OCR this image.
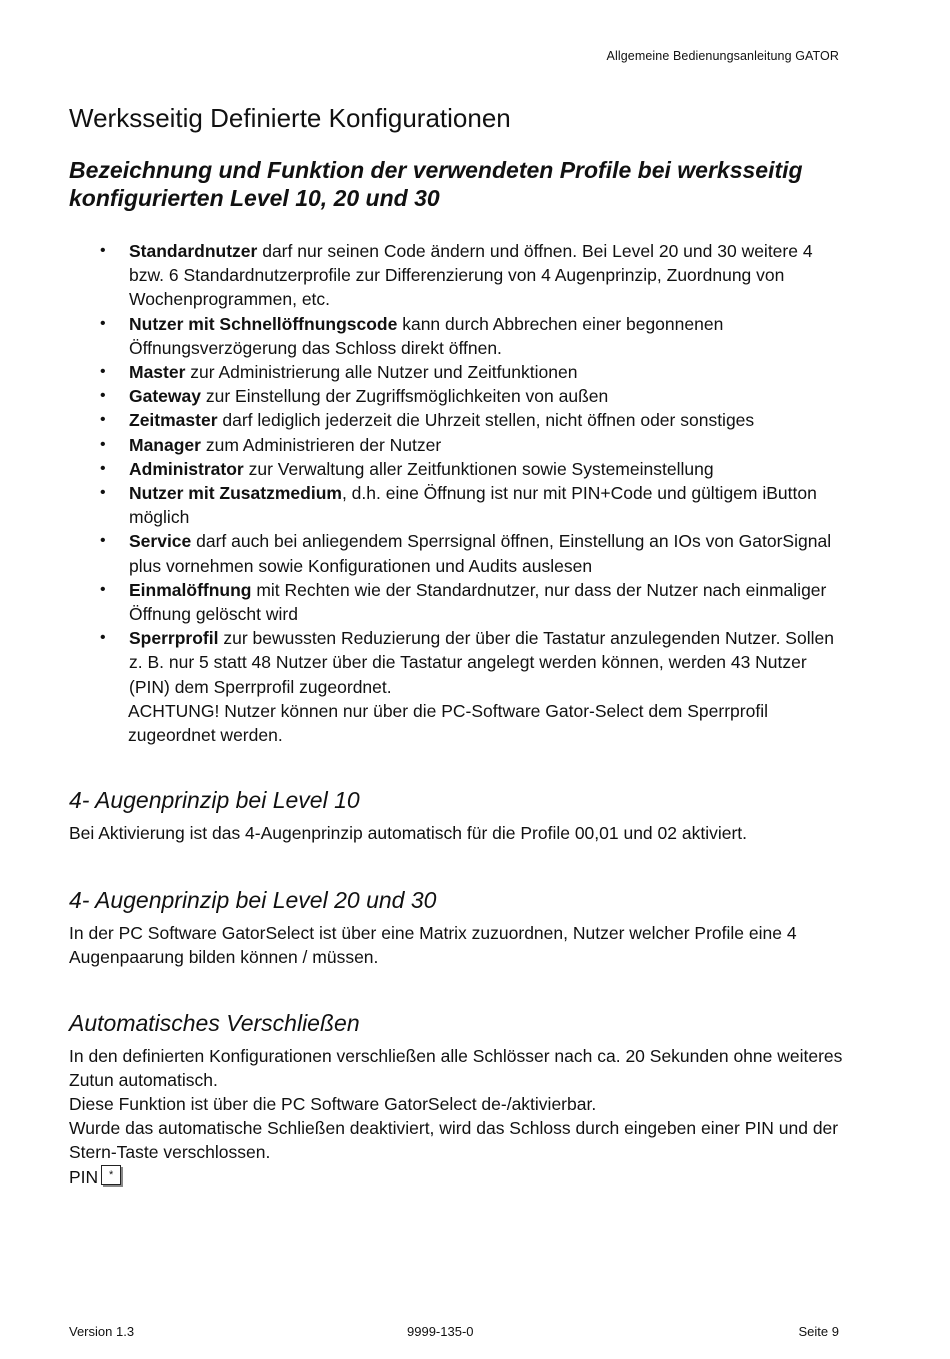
Allgemeine Bedienungsanleitung GATOR
Werksseitig Definierte Konfigurationen
Bezeichnung und Funktion der verwendeten Profile bei werksseitig konfigurierten Level 10, 20 und 30
• Standardnutzer darf nur seinen Code ändern und öffnen. Bei Level 20 und 30 weitere 4 bzw. 6 Standardnutzerprofile zur Differenzierung von 4 Augenprinzip, Zuordnung von Wochenprogrammen, etc.
• Nutzer mit Schnellöffnungscode kann durch Abbrechen einer begonnenen Öffnungsverzögerung das Schloss direkt öffnen.
• Master zur Administrierung alle Nutzer und Zeitfunktionen
• Gateway zur Einstellung der Zugriffsmöglichkeiten von außen
• Zeitmaster darf lediglich jederzeit die Uhrzeit stellen, nicht öffnen oder sonstiges
• Manager zum Administrieren der Nutzer
• Administrator zur Verwaltung aller Zeitfunktionen sowie Systemeinstellung
• Nutzer mit Zusatzmedium, d.h. eine Öffnung ist nur mit PIN+Code und gültigem iButton möglich
• Service darf auch bei anliegendem Sperrsignal öffnen, Einstellung an IOs von GatorSignal plus vornehmen sowie Konfigurationen und Audits auslesen
• Einmalöffnung mit Rechten wie der Standardnutzer, nur dass der Nutzer nach einmaliger Öffnung gelöscht wird
• Sperrprofil zur bewussten Reduzierung der über die Tastatur anzulegenden Nutzer. Sollen z. B. nur 5 statt 48 Nutzer über die Tastatur angelegt werden können, werden 43 Nutzer (PIN) dem Sperrprofil zugeordnet.
ACHTUNG! Nutzer können nur über die PC-Software Gator-Select dem Sperrprofil zugeordnet werden.
4- Augenprinzip bei Level 10

Bei Aktivierung ist das 4-Augenprinzip automatisch für die Profile 00,01 und 02 aktiviert.

4- Augenprinzip bei Level 20 und 30

In der PC Software GatorSelect ist über eine Matrix zuzuordnen, Nutzer welcher Profile eine 4 Augenpaarung bilden können / müssen.

Automatisches Verschließen
In den definierten Konfigurationen verschließen alle Schlösser nach ca. 20 Sekunden ohne weiteres Zutun automatisch.
Diese Funktion ist über die PC Software GatorSelect de-/aktivierbar.
Wurde das automatische Schließen deaktiviert, wird das Schloss durch eingeben einer PIN und der Stern-Taste verschlossen.
PIN *
Version 1.3	9999-135-0	Seite 9
